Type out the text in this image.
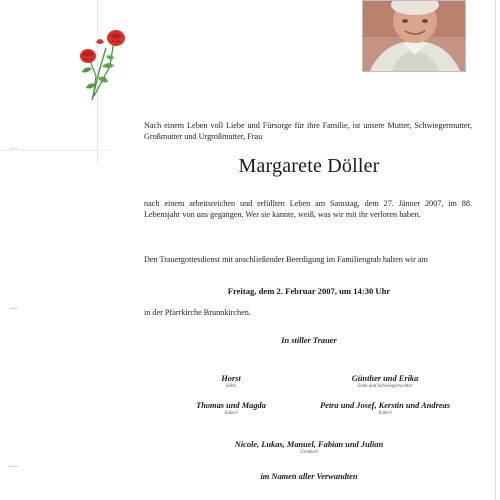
Nach einem Leben voll Liebe und Fürsorge für ihre Familie, ist unsere Mutter, Schwiegermutter, Großmutter und Urgroßmutter, Frau
Margarete Döller
nach einem arbeitsreichen und erfüllten Leben am Samstag, dem 27. Jänner 2007, im 88. Lebensjahr von uns gegangen. Wer sie kannte, weiß, was wir mit ihr verloren haben.
Den Trauergottesdienst mit anschließender Beerdigung im Familiengrab halten wir am
Freitag, dem 2. Februar 2007, um 14:30 Uhr
in der Pfarrkirche Brunnkirchen.
In stiller Trauer
Horst
Sohn
Günther und Erika
Sohn und Schwiegertochter
Thomas und Magda
Enkerl
Petra und Josef, Kerstin und Andreas
Enkerl
Nicole, Lukas, Manuel, Fabian und Julian
Urenkerl
im Namen aller Verwandten
